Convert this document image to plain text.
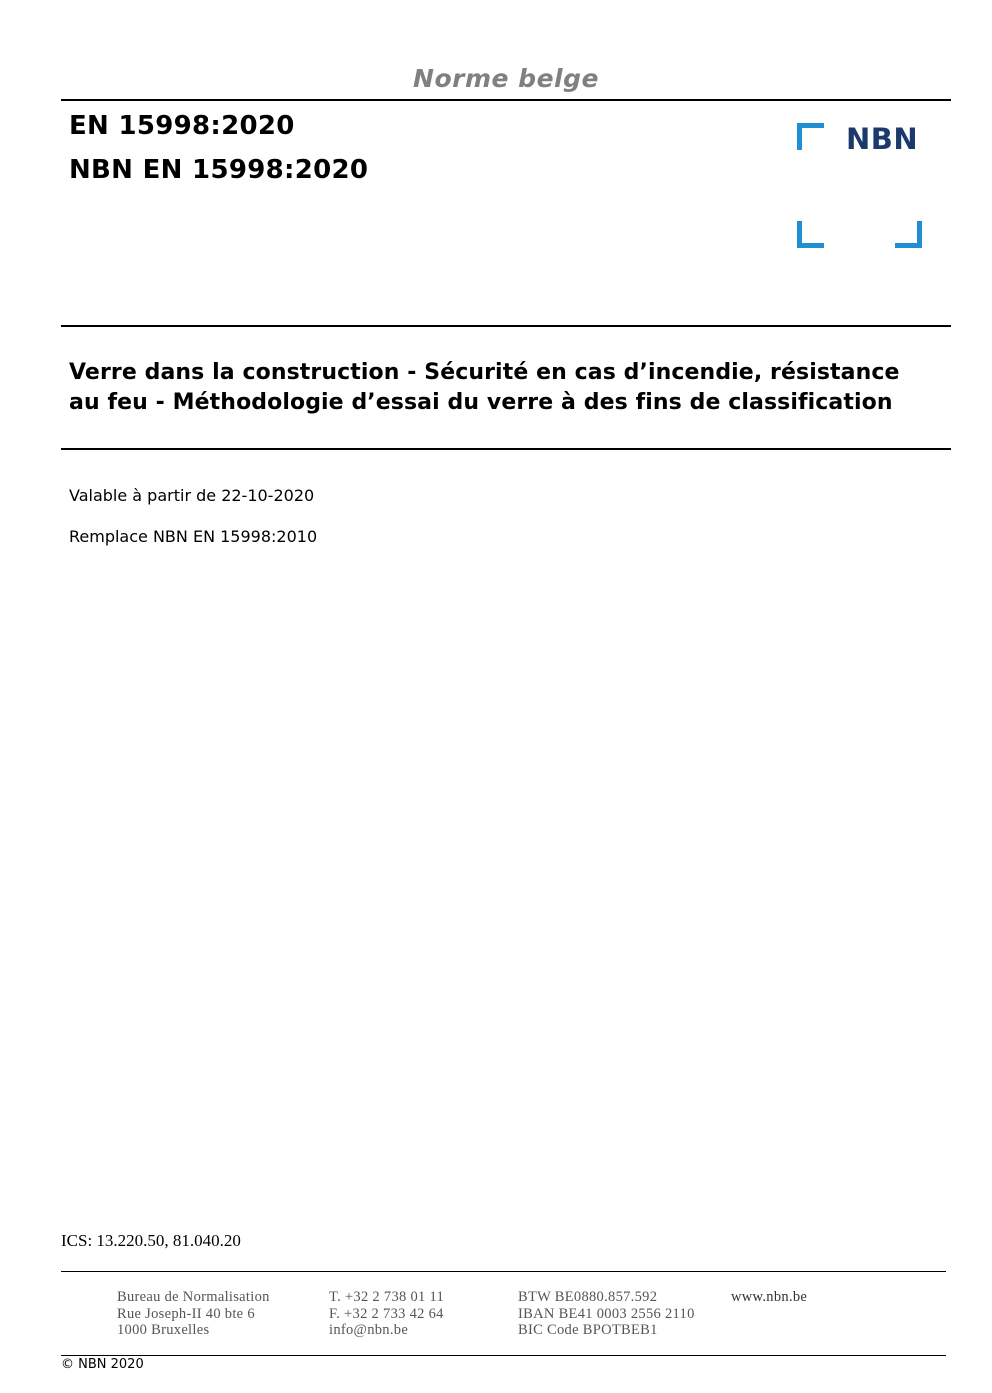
Norme belge
EN 15998:2020
NBN EN 15998:2020
NBN
Verre dans la construction - Sécurité en cas d’incendie, résistance
au feu - Méthodologie d’essai du verre à des fins de classification
Valable à partir de 22-10-2020
Remplace NBN EN 15998:2010
ICS: 13.220.50, 81.040.20
Bureau de Normalisation
Rue Joseph-II 40 bte 6
1000 Bruxelles
T. +32 2 738 01 11
F. +32 2 733 42 64
info@nbn.be
BTW BE0880.857.592
IBAN BE41 0003 2556 2110
BIC Code BPOTBEB1
www.nbn.be
© NBN 2020
